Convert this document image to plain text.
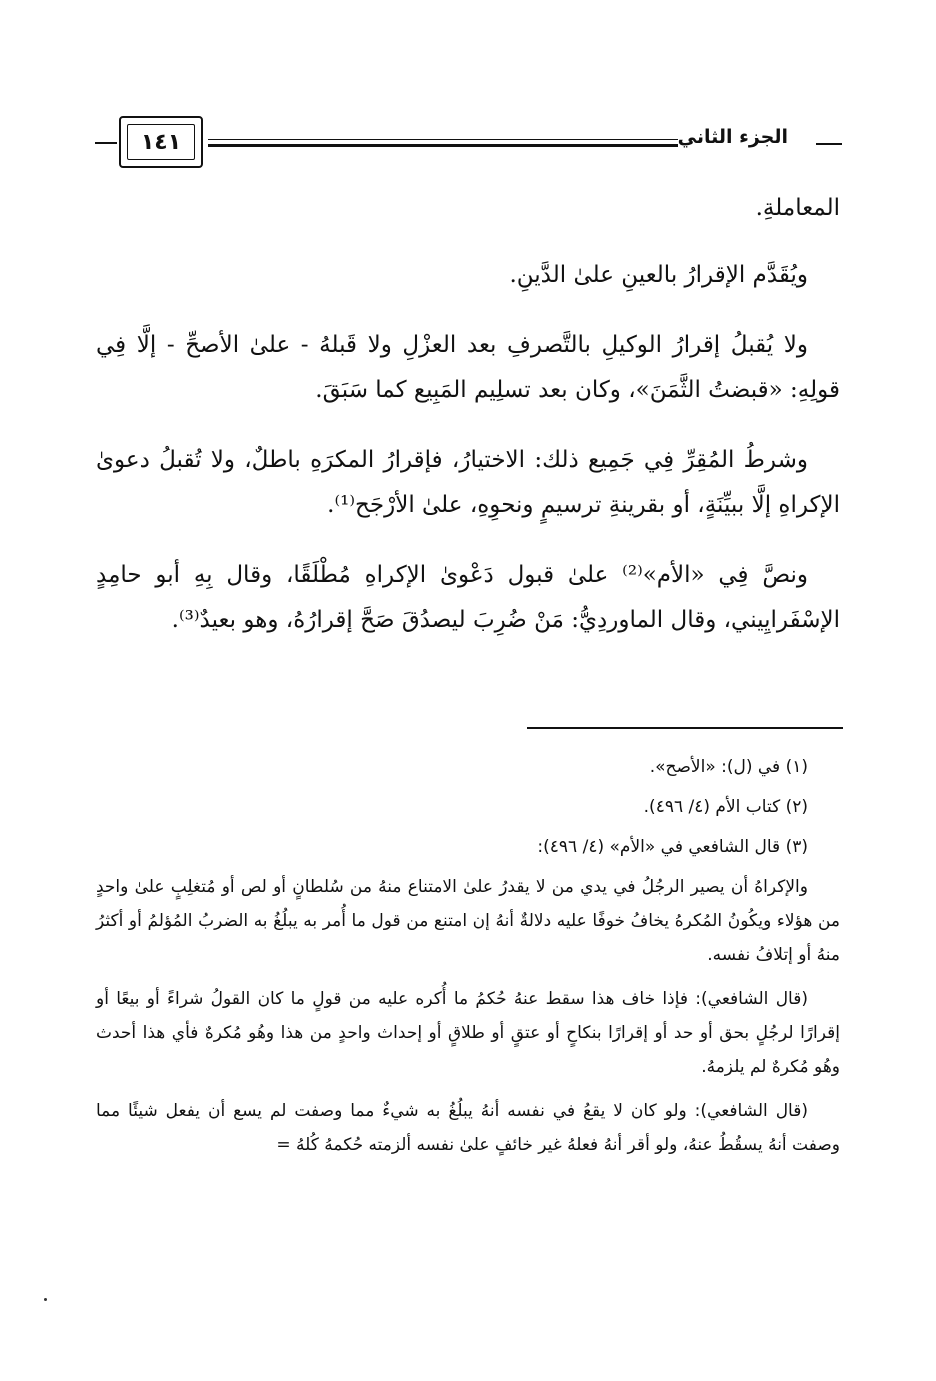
الجزء الثاني
١٤١

المعاملةِ.

ويُقَدَّم الإقرارُ بالعينِ علىٰ الدَّينِ.

ولا يُقبلُ إقرارُ الوكيلِ بالتَّصرفِ بعد العزْلِ ولا قَبلهُ - علىٰ الأصحِّ - إلَّا فِي قولِهِ: «قبضتُ الثَّمَنَ»، وكان بعد تسلِيم المَبِيع كما سَبَقَ.

وشرطُ المُقِرِّ فِي جَمِيع ذلك: الاختيارُ، فإقرارُ المكرَهِ باطلٌ، ولا تُقبلُ دعوىٰ الإكراهِ إلَّا ببيِّنَةٍ، أو بقرينةِ ترسيمٍ ونحوِهِ، علىٰ الأرْجَح⁽¹⁾.

ونصَّ فِي «الأم»⁽²⁾ علىٰ قبول دَعْوىٰ الإكراهِ مُطْلَقًا، وقال بِهِ أبو حامِدٍ الإسْفَرايِيني، وقال الماوردِيُّ: مَنْ ضُرِبَ ليصدُقَ صَحَّ إقرارُهُ، وهو بعيدٌ⁽³⁾.

(١) في (ل): «الأصح».

(٢) كتاب الأم (٤/ ٤٩٦).

(٣) قال الشافعي في «الأم» (٤/ ٤٩٦):

والإكراهُ أن يصير الرجُلُ في يدي من لا يقدرُ علىٰ الامتناع منهُ من سُلطانٍ أو لص أو مُتغلِبٍ علىٰ واحدٍ من هؤلاء ويكُونُ المُكرهُ يخافُ خوفًا عليه دلالةٌ أنهُ إن امتنع من قول ما أُمر به يبلُغُ به الضربُ المُؤلمُ أو أكثرُ منهُ أو إتلافُ نفسه.

(قال الشافعي): فإذا خاف هذا سقط عنهُ حُكمُ ما أُكره عليه من قولٍ ما كان القولُ شراءً أو بيعًا أو إقرارًا لرجُلٍ بحق أو حد أو إقرارًا بنكاحٍ أو عتقٍ أو طلاقٍ أو إحداث واحدٍ من هذا وهُو مُكرهٌ فأي هذا أحدث وهُو مُكرهٌ لم يلزمهُ.

(قال الشافعي): ولو كان لا يقعُ في نفسه أنهُ يبلُغُ به شيءٌ مما وصفت لم يسع أن يفعل شيئًا مما وصفت أنهُ يسقُطُ عنهُ، ولو أقر أنهُ فعلهُ غير خائفٍ علىٰ نفسه ألزمته حُكمهُ كُلهُ =
